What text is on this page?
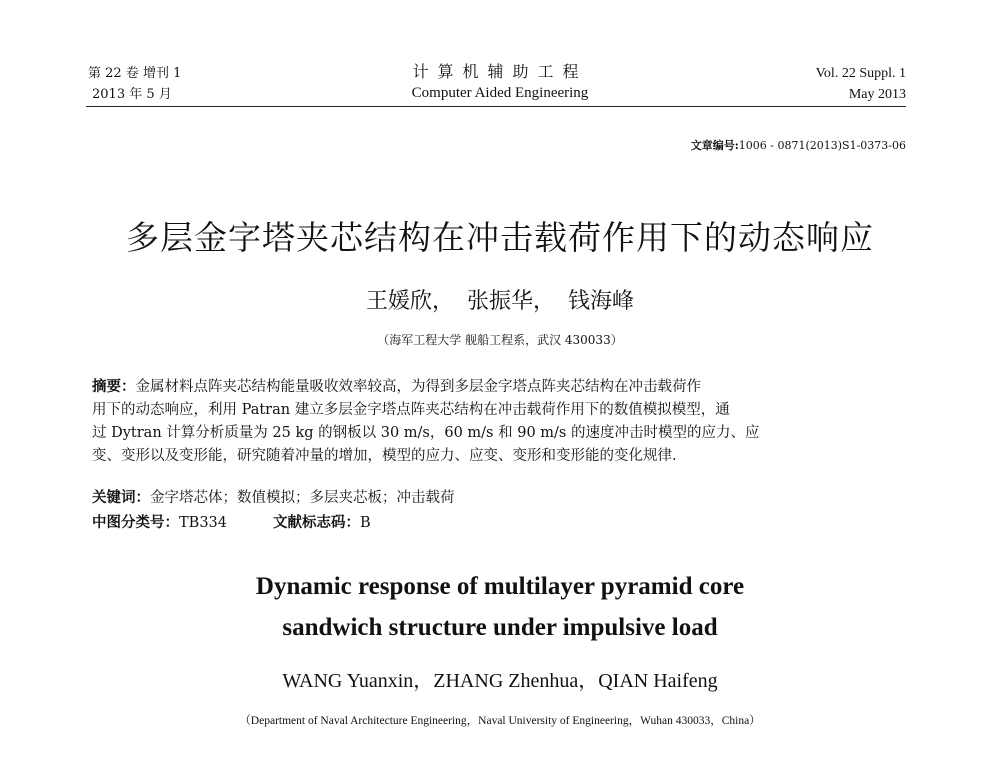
第 22 卷 增刊 1
2013 年 5 月
计算机辅助工程
Computer Aided Engineering
Vol. 22 Suppl. 1
May 2013
文章编号:1006 - 0871(2013)S1-0373-06
多层金字塔夹芯结构在冲击载荷作用下的动态响应
王媛欣， 张振华， 钱海峰
（海军工程大学 舰船工程系，武汉 430033）
摘要：金属材料点阵夹芯结构能量吸收效率较高，为得到多层金字塔点阵夹芯结构在冲击载荷作
用下的动态响应，利用 Patran 建立多层金字塔点阵夹芯结构在冲击载荷作用下的数值模拟模型，通
过 Dytran 计算分析质量为 25 kg 的钢板以 30 m/s，60 m/s 和 90 m/s 的速度冲击时模型的应力、应
变、变形以及变形能，研究随着冲量的增加，模型的应力、应变、变形和变形能的变化规律.
关键词：金字塔芯体；数值模拟；多层夹芯板；冲击载荷
中图分类号：TB334	文献标志码：B
Dynamic response of multilayer pyramid core
sandwich structure under impulsive load
WANG Yuanxin，ZHANG Zhenhua，QIAN Haifeng
（Department of Naval Architecture Engineering，Naval University of Engineering，Wuhan 430033，China）
